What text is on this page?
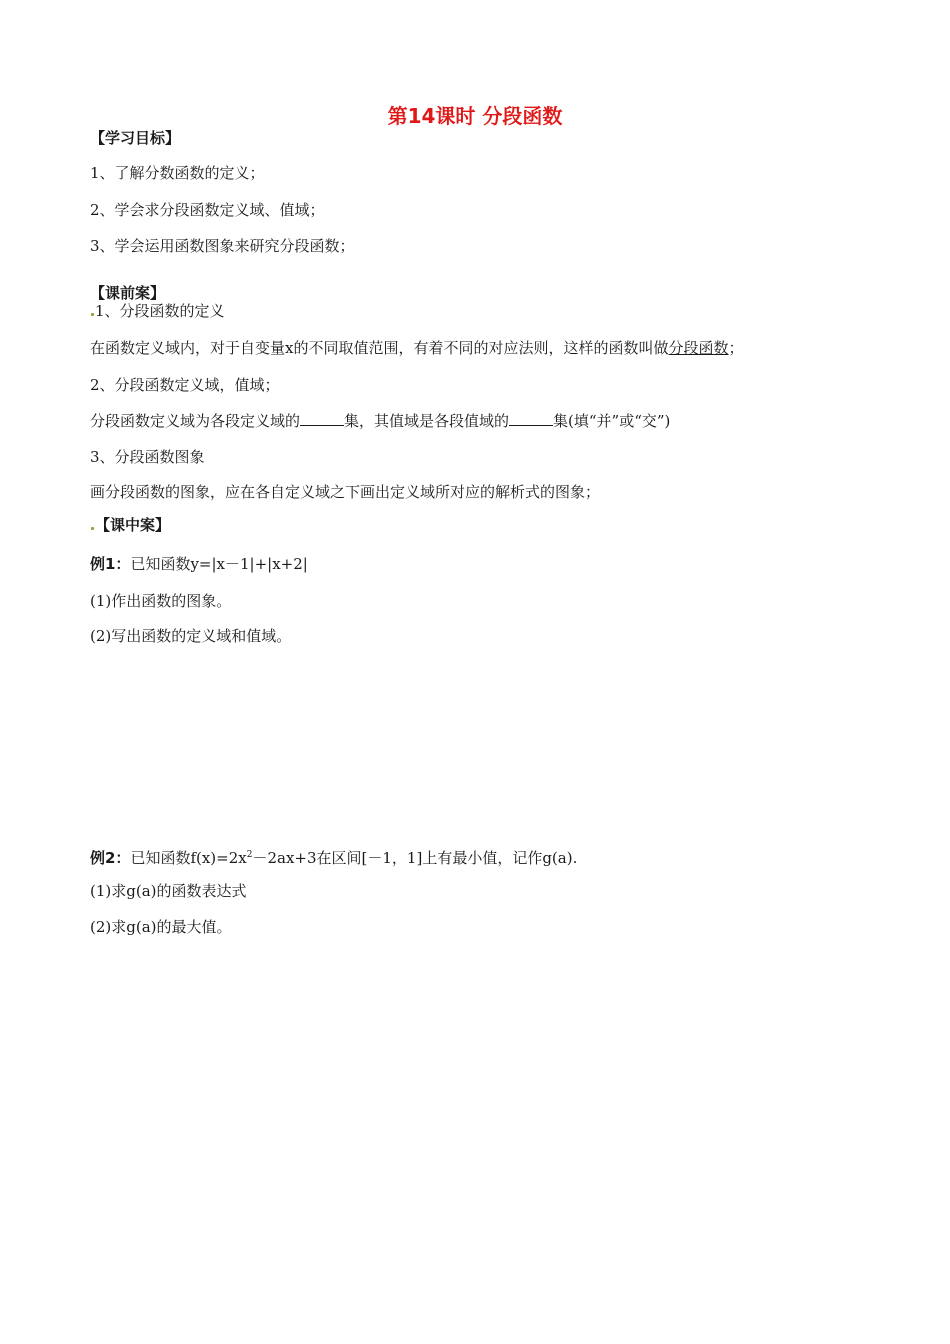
第14课时 分段函数
【学习目标】
1、了解分数函数的定义；
2、学会求分段函数定义域、值域；
3、学会运用函数图象来研究分段函数；
【课前案】
1、分段函数的定义
在函数定义域内，对于自变量x的不同取值范围，有着不同的对应法则，这样的函数叫做分段函数；
2、分段函数定义域，值域；
分段函数定义域为各段定义域的	集，其值域是各段值域的	集(填“并”或“交”)
3、分段函数图象
画分段函数的图象，应在各自定义域之下画出定义域所对应的解析式的图象；
【课中案】
例1：已知函数y=|x－1|+|x+2|
(1)作出函数的图象。
(2)写出函数的定义域和值域。
例2：已知函数$f(x)=2x^2-2ax+3$在区间[－1，1]上有最小值，记作g(a).
(1)求g(a)的函数表达式
(2)求g(a)的最大值。
